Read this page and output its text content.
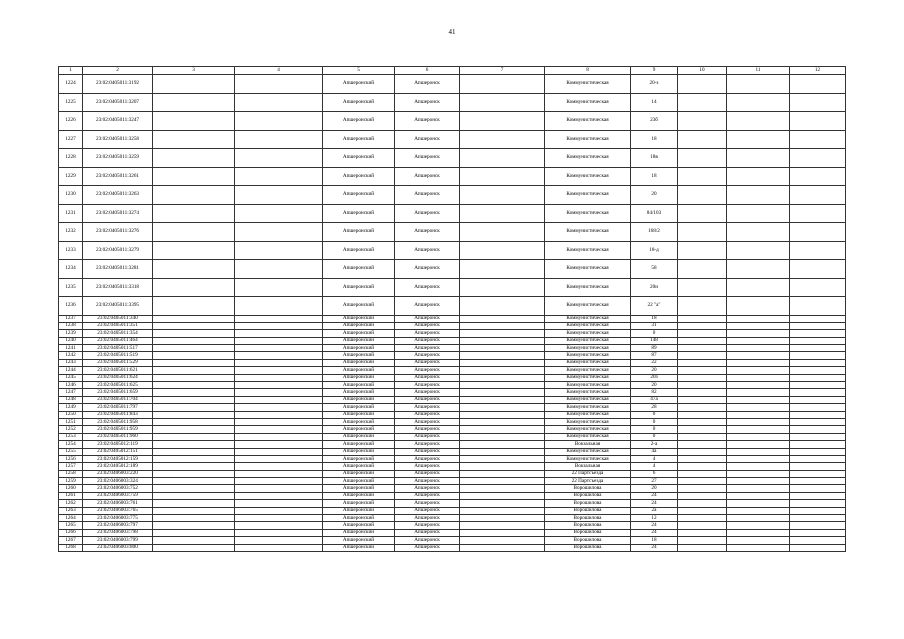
41
1	2	3	4	5	6	7	8	9	10	11	12
1224	23:02:0405011:3192			Апшеронский	Апшеронск		Коммунистическая	20-з			
1225	23:02:0405011:3207			Апшеронский	Апшеронск		Коммунистическая	14			
1226	23:02:0405011:3247			Апшеронский	Апшеронск		Коммунистическая	23б			
1227	23:02:0405011:3258			Апшеронский	Апшеронск		Коммунистическая	18			
1228	23:02:0405011:3259			Апшеронский	Апшеронск		Коммунистическая	18в			
1229	23:02:0405011:3261			Апшеронский	Апшеронск		Коммунистическая	18			
1230	23:02:0405011:3263			Апшеронский	Апшеронск		Коммунистическая	20			
1231	23:02:0405011:3274			Апшеронский	Апшеронск		Коммунистическая	84/103			
1232	23:02:0405011:3276			Апшеронский	Апшеронск		Коммунистическая	168/2			
1233	23:02:0405011:3279			Апшеронский	Апшеронск		Коммунистическая	18-д			
1234	23:02:0405011:3281			Апшеронский	Апшеронск		Коммунистическая	58			
1235	23:02:0405011:3318			Апшеронский	Апшеронск		Коммунистическая	20и			
1236	23:02:0405011:3395			Апшеронский	Апшеронск		Коммунистическая	22 "а"			
1237	23:02:0405011:340			Апшеронский	Апшеронск		Коммунистическая	18			
1238	23:02:0405011:351			Апшеронский	Апшеронск		Коммунистическая	31			
1239	23:02:0405011:354			Апшеронский	Апшеронск		Коммунистическая	0			
1240	23:02:0405011:464			Апшеронский	Апшеронск		Коммунистическая	148			
1241	23:02:0405011:517			Апшеронский	Апшеронск		Коммунистическая	89			
1242	23:02:0405011:519			Апшеронский	Апшеронск		Коммунистическая	87			
1243	23:02:0405011:529			Апшеронский	Апшеронск		Коммунистическая	22			
1244	23:02:0405011:621			Апшеронский	Апшеронск		Коммунистическая	20			
1245	23:02:0405011:624			Апшеронский	Апшеронск		Коммунистическая	20з			
1246	23:02:0405011:625			Апшеронский	Апшеронск		Коммунистическая	20			
1247	23:02:0405011:659			Апшеронский	Апшеронск		Коммунистическая	82			
1248	23:02:0405011:704			Апшеронский	Апшеронск		Коммунистическая	47а			
1249	23:02:0405011:797			Апшеронский	Апшеронск		Коммунистическая	28			
1250	23:02:0405011:843			Апшеронский	Апшеронск		Коммунистическая	0			
1251	23:02:0405011:958			Апшеронский	Апшеронск		Коммунистическая	0			
1252	23:02:0405011:959			Апшеронский	Апшеронск		Коммунистическая	0			
1253	23:02:0405011:960			Апшеронский	Апшеронск		Коммунистическая	0			
1254	23:02:0405012:119			Апшеронский	Апшеронск		Вокзальная	2-а			
1255	23:02:0405012:151			Апшеронский	Апшеронск		Коммунистическая	4а			
1256	23:02:0405012:159			Апшеронский	Апшеронск		Коммунистическая	4			
1257	23:02:0405012:189			Апшеронский	Апшеронск		Вокзальная	4			
1258	23:02:0406003:220			Апшеронский	Апшеронск		22 Партсъезда	6			
1259	23:02:0406003:324			Апшеронский	Апшеронск		22 Партсъезда	27			
1260	23:02:0406003:752			Апшеронский	Апшеронск		Ворошилова	20			
1261	23:02:0406003:759			Апшеронский	Апшеронск		Ворошилова	24			
1262	23:02:0406003:761			Апшеронский	Апшеронск		Ворошилова	24			
1263	23:02:0406003:765			Апшеронский	Апшеронск		Ворошилова	2а			
1264	23:02:0406003:775			Апшеронский	Апшеронск		Ворошилова	12			
1265	23:02:0406003:797			Апшеронский	Апшеронск		Ворошилова	24			
1266	23:02:0406003:798			Апшеронский	Апшеронск		Ворошилова	24			
1267	23:02:0406003:799			Апшеронский	Апшеронск		Ворошилова	18			
1268	23:02:0406003:800			Апшеронский	Апшеронск		Ворошилова	24			
